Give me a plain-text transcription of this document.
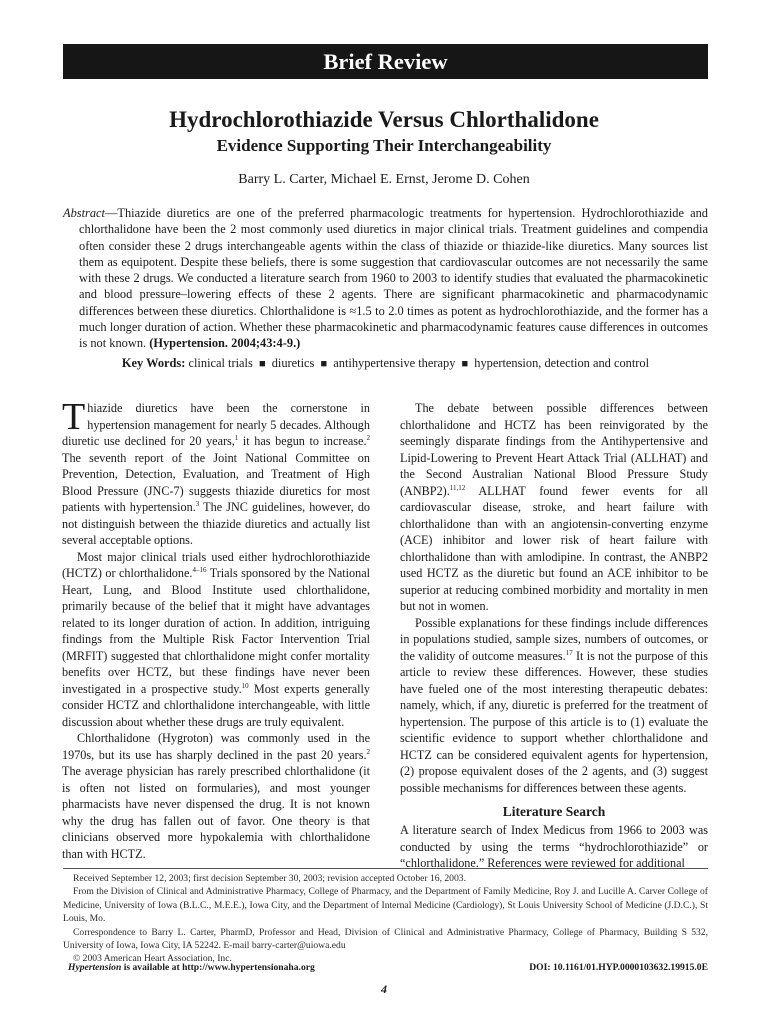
Brief Review
Hydrochlorothiazide Versus Chlorthalidone
Evidence Supporting Their Interchangeability
Barry L. Carter, Michael E. Ernst, Jerome D. Cohen
Abstract—Thiazide diuretics are one of the preferred pharmacologic treatments for hypertension. Hydrochlorothiazide and chlorthalidone have been the 2 most commonly used diuretics in major clinical trials. Treatment guidelines and compendia often consider these 2 drugs interchangeable agents within the class of thiazide or thiazide-like diuretics. Many sources list them as equipotent. Despite these beliefs, there is some suggestion that cardiovascular outcomes are not necessarily the same with these 2 drugs. We conducted a literature search from 1960 to 2003 to identify studies that evaluated the pharmacokinetic and blood pressure–lowering effects of these 2 agents. There are significant pharmacokinetic and pharmacodynamic differences between these diuretics. Chlorthalidone is ≈1.5 to 2.0 times as potent as hydrochlorothiazide, and the former has a much longer duration of action. Whether these pharmacokinetic and pharmacodynamic features cause differences in outcomes is not known. (Hypertension. 2004;43:4-9.)
Key Words: clinical trials ■ diuretics ■ antihypertensive therapy ■ hypertension, detection and control

Thiazide diuretics have been the cornerstone in hypertension management for nearly 5 decades. Although diuretic use declined for 20 years,$^1$ it has begun to increase.$^2$ The seventh report of the Joint National Committee on Prevention, Detection, Evaluation, and Treatment of High Blood Pressure (JNC-7) suggests thiazide diuretics for most patients with hypertension.$^3$ The JNC guidelines, however, do not distinguish between the thiazide diuretics and actually list several acceptable options.

Most major clinical trials used either hydrochlorothiazide (HCTZ) or chlorthalidone.$^{4-16}$ Trials sponsored by the National Heart, Lung, and Blood Institute used chlorthalidone, primarily because of the belief that it might have advantages related to its longer duration of action. In addition, intriguing findings from the Multiple Risk Factor Intervention Trial (MRFIT) suggested that chlorthalidone might confer mortality benefits over HCTZ, but these findings have never been investigated in a prospective study.$^{10}$ Most experts generally consider HCTZ and chlorthalidone interchangeable, with little discussion about whether these drugs are truly equivalent.

Chlorthalidone (Hygroton) was commonly used in the 1970s, but its use has sharply declined in the past 20 years.$^2$ The average physician has rarely prescribed chlorthalidone (it is often not listed on formularies), and most younger pharmacists have never dispensed the drug. It is not known why the drug has fallen out of favor. One theory is that clinicians observed more hypokalemia with chlorthalidone than with HCTZ.

The debate between possible differences between chlorthalidone and HCTZ has been reinvigorated by the seemingly disparate findings from the Antihypertensive and Lipid-Lowering to Prevent Heart Attack Trial (ALLHAT) and the Second Australian National Blood Pressure Study (ANBP2).$^{11,12}$ ALLHAT found fewer events for all cardiovascular disease, stroke, and heart failure with chlorthalidone than with an angiotensin-converting enzyme (ACE) inhibitor and lower risk of heart failure with chlorthalidone than with amlodipine. In contrast, the ANBP2 used HCTZ as the diuretic but found an ACE inhibitor to be superior at reducing combined morbidity and mortality in men but not in women.

Possible explanations for these findings include differences in populations studied, sample sizes, numbers of outcomes, or the validity of outcome measures.$^{17}$ It is not the purpose of this article to review these differences. However, these studies have fueled one of the most interesting therapeutic debates: namely, which, if any, diuretic is preferred for the treatment of hypertension. The purpose of this article is to (1) evaluate the scientific evidence to support whether chlorthalidone and HCTZ can be considered equivalent agents for hypertension, (2) propose equivalent doses of the 2 agents, and (3) suggest possible mechanisms for differences between these agents.

Literature Search

A literature search of Index Medicus from 1966 to 2003 was conducted by using the terms “hydrochlorothiazide” or “chlorthalidone.” References were reviewed for additional

Received September 12, 2003; first decision September 30, 2003; revision accepted October 16, 2003.

From the Division of Clinical and Administrative Pharmacy, College of Pharmacy, and the Department of Family Medicine, Roy J. and Lucille A. Carver College of Medicine, University of Iowa (B.L.C., M.E.E.), Iowa City, and the Department of Internal Medicine (Cardiology), St Louis University School of Medicine (J.D.C.), St Louis, Mo.

Correspondence to Barry L. Carter, PharmD, Professor and Head, Division of Clinical and Administrative Pharmacy, College of Pharmacy, Building S 532, University of Iowa, Iowa City, IA 52242. E-mail barry-carter@uiowa.edu

© 2003 American Heart Association, Inc.

Hypertension is available at http://www.hypertensionaha.org	DOI: 10.1161/01.HYP.0000103632.19915.0E
4
